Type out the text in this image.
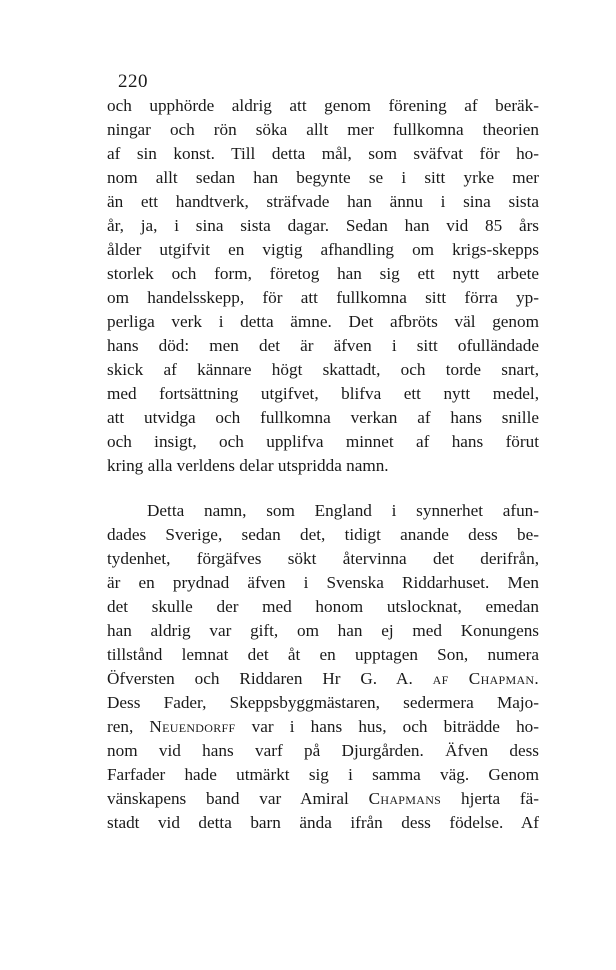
220
och upphörde aldrig att genom förening af beräk-
ningar och rön söka allt mer fullkomna theorien
af sin konst. Till detta mål, som sväfvat för ho-
nom allt sedan han begynte se i sitt yrke mer
än ett handtverk, sträfvade han ännu i sina sista
år, ja, i sina sista dagar. Sedan han vid 85 års
ålder utgifvit en vigtig afhandling om krigs-skepps
storlek och form, företog han sig ett nytt arbete
om handelsskepp, för att fullkomna sitt förra yp-
perliga verk i detta ämne. Det afbröts väl genom
hans död: men det är äfven i sitt ofulländade
skick af kännare högt skattadt, och torde snart,
med fortsättning utgifvet, blifva ett nytt medel,
att utvidga och fullkomna verkan af hans snille
och insigt, och upplifva minnet af hans förut
kring alla verldens delar utspridda namn.
Detta namn, som England i synnerhet afun-
dades Sverige, sedan det, tidigt anande dess be-
tydenhet, förgäfves sökt återvinna det derifrån,
är en prydnad äfven i Svenska Riddarhuset. Men
det skulle der med honom utslocknat, emedan
han aldrig var gift, om han ej med Konungens
tillstånd lemnat det åt en upptagen Son, numera
Öfversten och Riddaren Hr G. A. af Chapman.
Dess Fader, Skeppsbyggmästaren, sedermera Majo-
ren, Neuendorff var i hans hus, och biträdde ho-
nom vid hans varf på Djurgården. Äfven dess
Farfader hade utmärkt sig i samma väg. Genom
vänskapens band var Amiral Chapmans hjerta fä-
stadt vid detta barn ända ifrån dess födelse. Af
